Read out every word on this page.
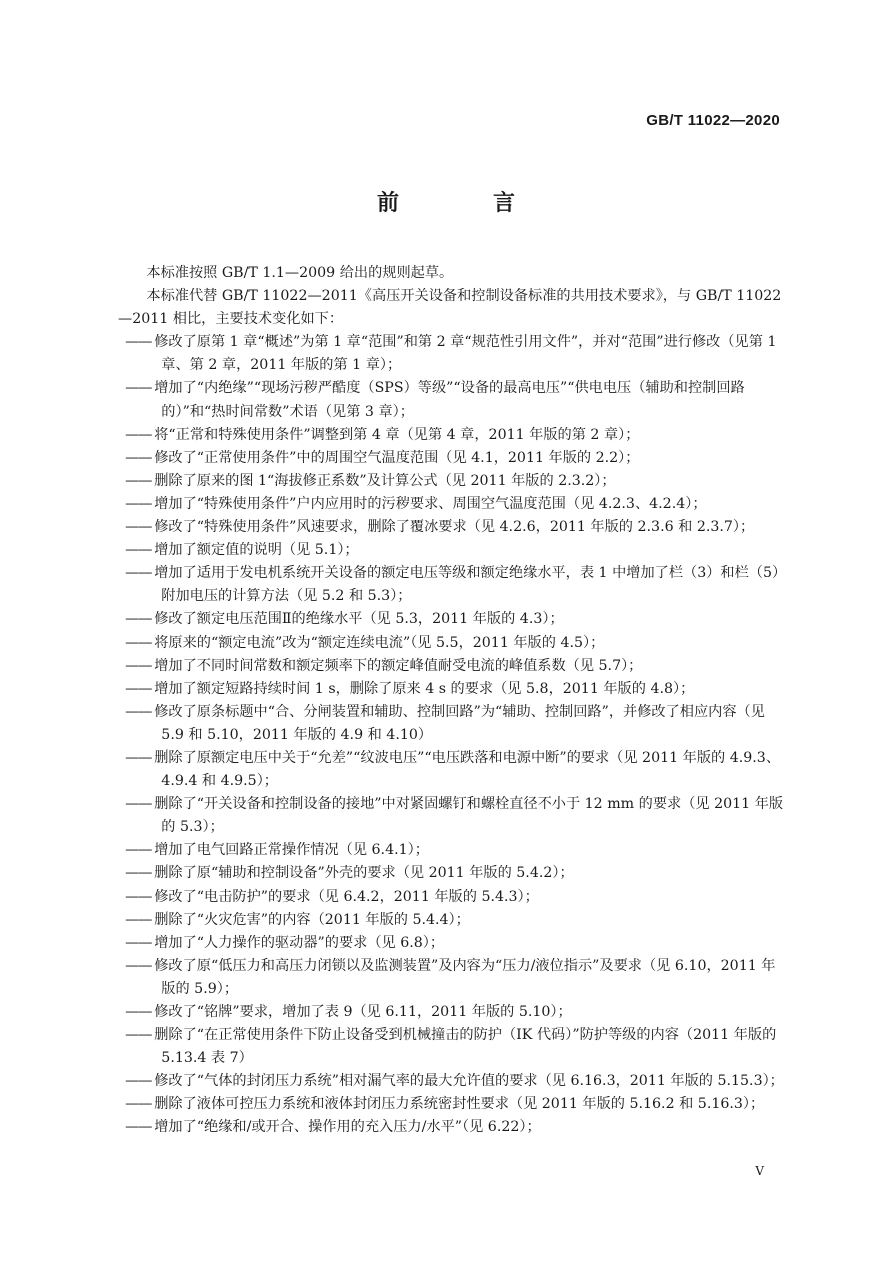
GB/T 11022—2020
前　言

本标准按照 GB/T 1.1—2009 给出的规则起草。

本标准代替 GB/T 11022—2011《高压开关设备和控制设备标准的共用技术要求》，与 GB/T 11022—2011 相比，主要技术变化如下：

—— 修改了原第 1 章“概述”为第 1 章“范围”和第 2 章“规范性引用文件”，并对“范围”进行修改（见第 1 章、第 2 章，2011 年版的第 1 章）；

—— 增加了“内绝缘”“现场污秽严酷度（SPS）等级”“设备的最高电压”“供电电压（辅助和控制回路的）”和“热时间常数”术语（见第 3 章）；

—— 将“正常和特殊使用条件”调整到第 4 章（见第 4 章，2011 年版的第 2 章）；

—— 修改了“正常使用条件”中的周围空气温度范围（见 4.1，2011 年版的 2.2）；

—— 删除了原来的图 1“海拔修正系数”及计算公式（见 2011 年版的 2.3.2）；

—— 增加了“特殊使用条件”户内应用时的污秽要求、周围空气温度范围（见 4.2.3、4.2.4）；

—— 修改了“特殊使用条件”风速要求，删除了覆冰要求（见 4.2.6，2011 年版的 2.3.6 和 2.3.7）；

—— 增加了额定值的说明（见 5.1）；

—— 增加了适用于发电机系统开关设备的额定电压等级和额定绝缘水平，表 1 中增加了栏（3）和栏（5）附加电压的计算方法（见 5.2 和 5.3）；

—— 修改了额定电压范围Ⅱ的绝缘水平（见 5.3，2011 年版的 4.3）；

—— 将原来的“额定电流”改为“额定连续电流”（见 5.5，2011 年版的 4.5）；

—— 增加了不同时间常数和额定频率下的额定峰值耐受电流的峰值系数（见 5.7）；

—— 增加了额定短路持续时间 1 s，删除了原来 4 s 的要求（见 5.8，2011 年版的 4.8）；

—— 修改了原条标题中“合、分闸装置和辅助、控制回路”为“辅助、控制回路”，并修改了相应内容（见 5.9 和 5.10，2011 年版的 4.9 和 4.10）

—— 删除了原额定电压中关于“允差”“纹波电压”“电压跌落和电源中断”的要求（见 2011 年版的 4.9.3、4.9.4 和 4.9.5）；

—— 删除了“开关设备和控制设备的接地”中对紧固螺钉和螺栓直径不小于 12 mm 的要求（见 2011 年版的 5.3）；

—— 增加了电气回路正常操作情况（见 6.4.1）；

—— 删除了原“辅助和控制设备”外壳的要求（见 2011 年版的 5.4.2）；

—— 修改了“电击防护”的要求（见 6.4.2，2011 年版的 5.4.3）；

—— 删除了“火灾危害”的内容（2011 年版的 5.4.4）；

—— 增加了“人力操作的驱动器”的要求（见 6.8）；

—— 修改了原“低压力和高压力闭锁以及监测装置”及内容为“压力/液位指示”及要求（见 6.10，2011 年版的 5.9）；

—— 修改了“铭牌”要求，增加了表 9（见 6.11，2011 年版的 5.10）；

—— 删除了“在正常使用条件下防止设备受到机械撞击的防护（IK 代码）”防护等级的内容（2011 年版的 5.13.4 表 7）

—— 修改了“气体的封闭压力系统”相对漏气率的最大允许值的要求（见 6.16.3，2011 年版的 5.15.3）；

—— 删除了液体可控压力系统和液体封闭压力系统密封性要求（见 2011 年版的 5.16.2 和 5.16.3）；

—— 增加了“绝缘和/或开合、操作用的充入压力/水平”（见 6.22）；

V
